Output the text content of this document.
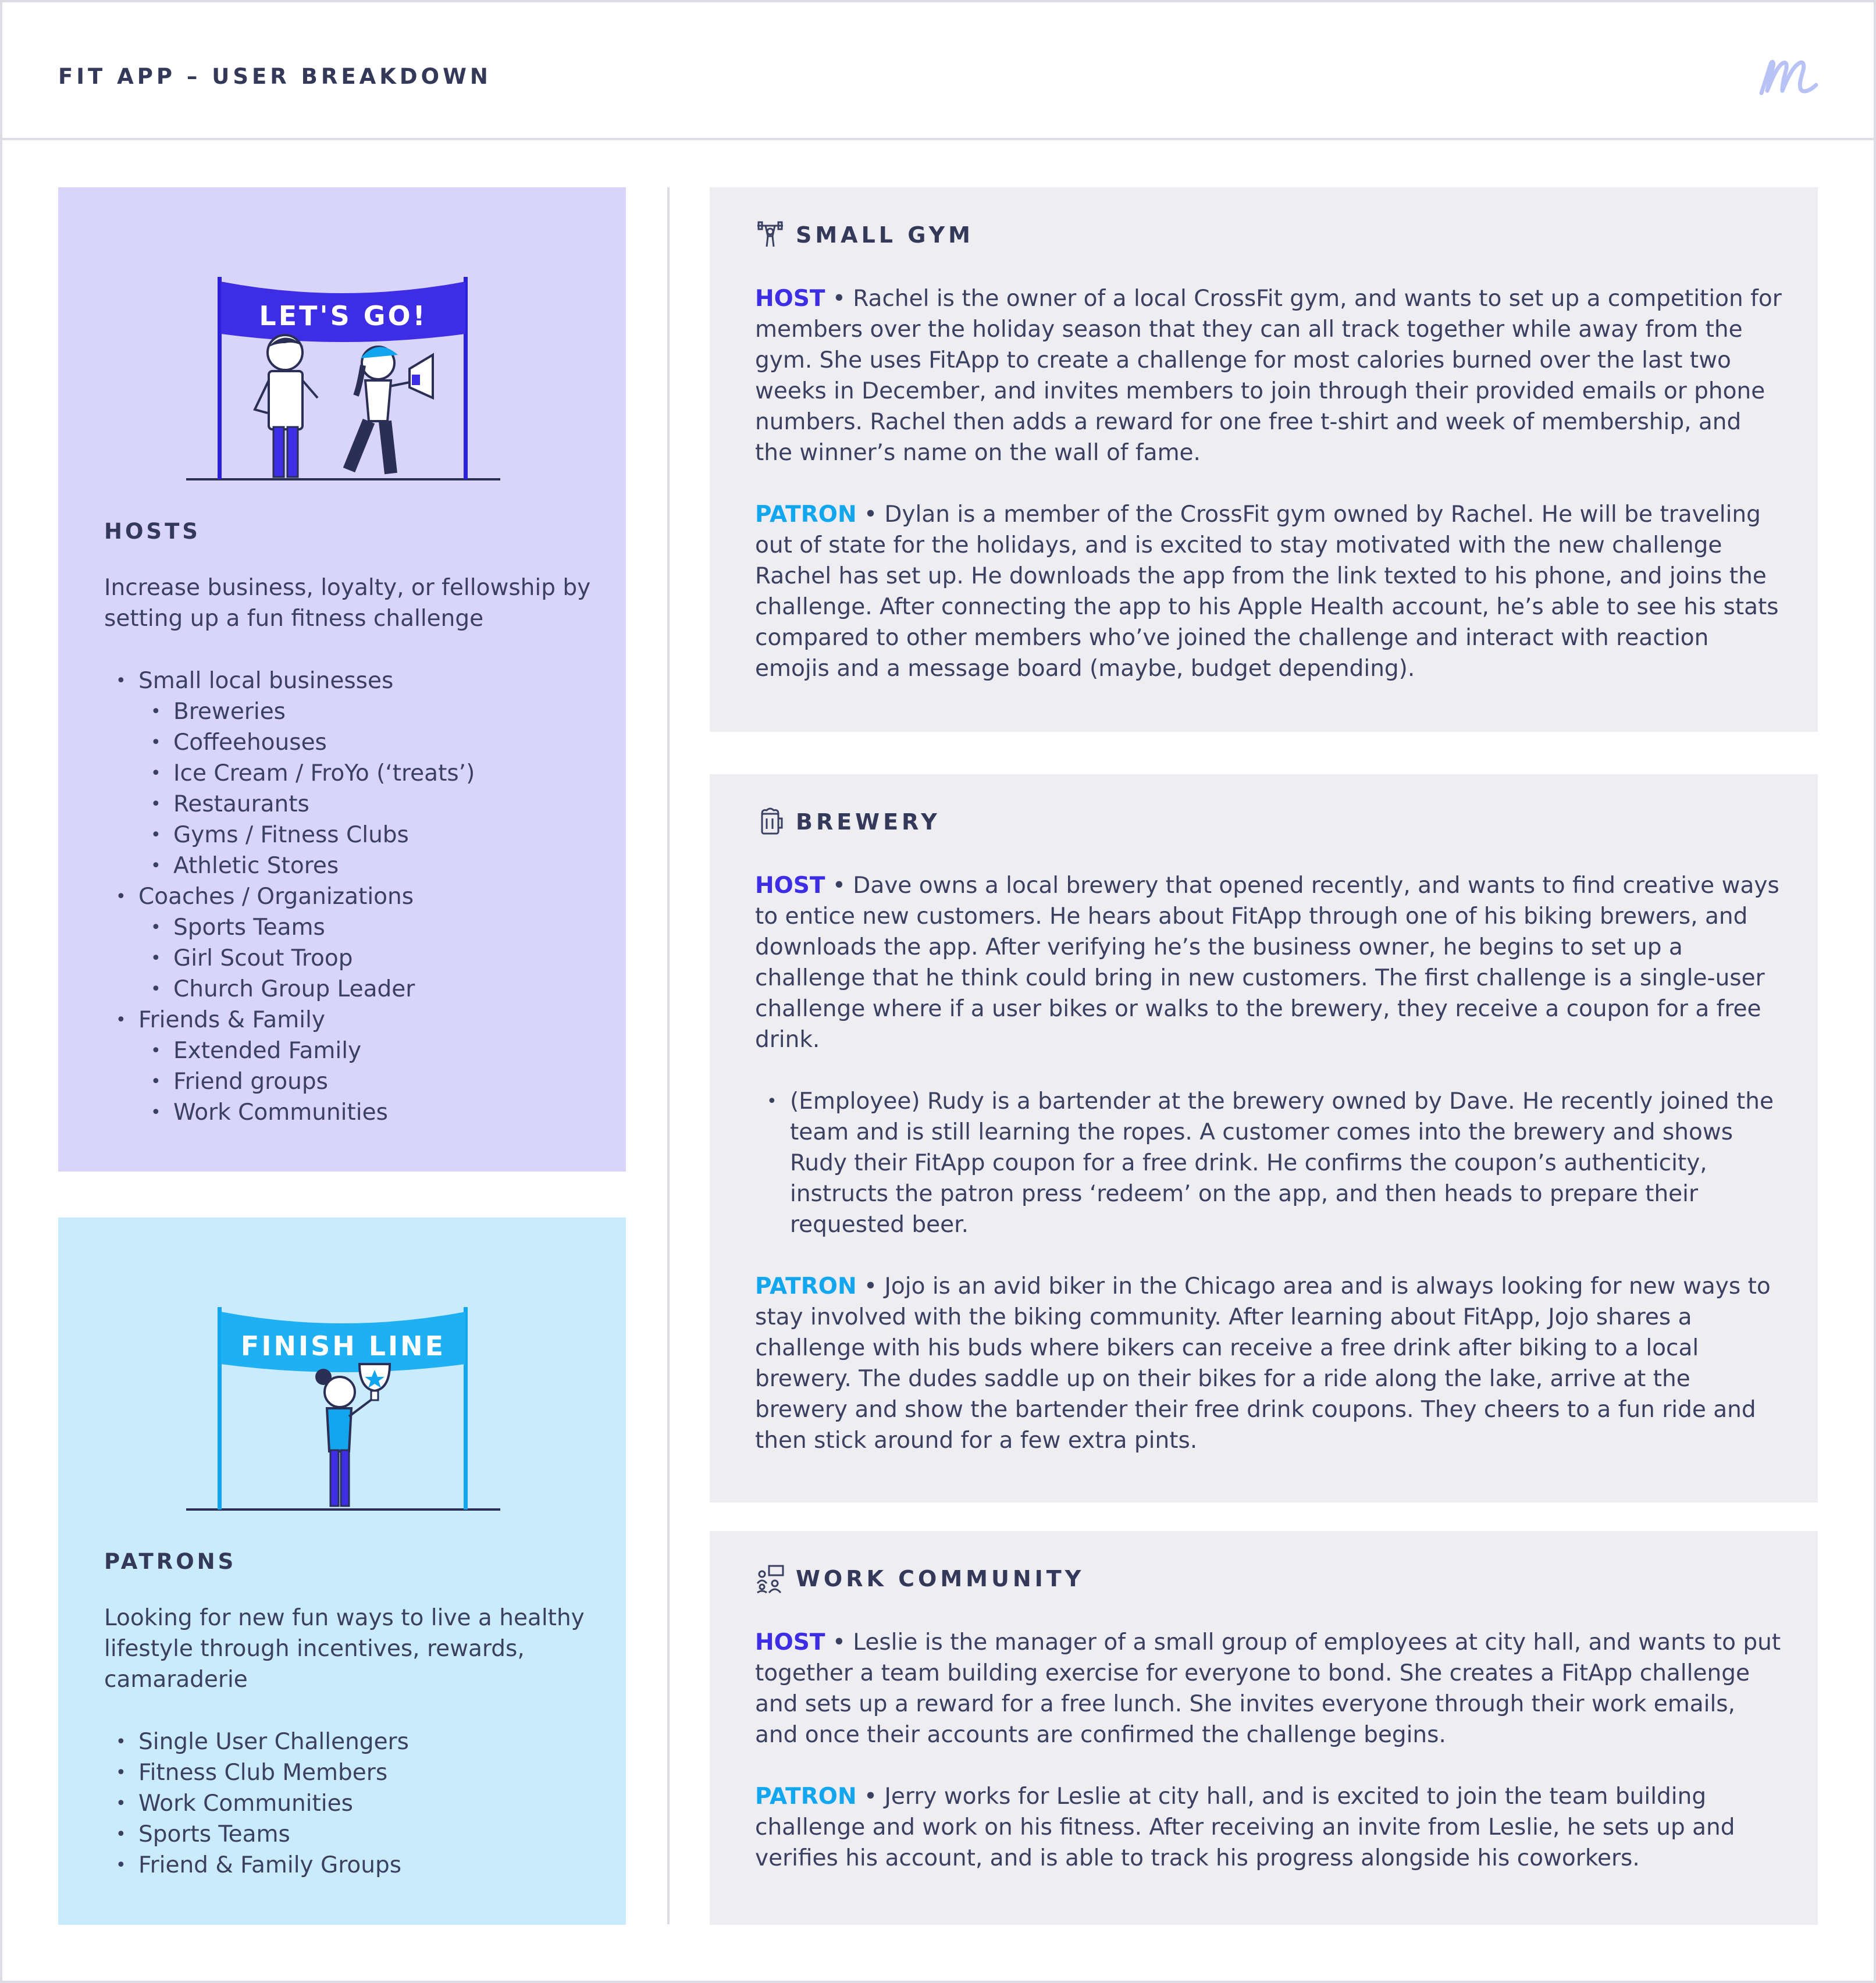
FIT APP – USER BREAKDOWN
LET'S GO!
HOSTS
Increase business, loyalty, or fellowship by setting up a fun fitness challenge
• Small local businesses
• Breweries
• Coffeehouses
• Ice Cream / FroYo (‘treats’)
• Restaurants
• Gyms / Fitness Clubs
• Athletic Stores
• Coaches / Organizations
• Sports Teams
• Girl Scout Troop
• Church Group Leader
• Friends & Family
• Extended Family
• Friend groups
• Work Communities
FINISH LINE
PATRONS
Looking for new fun ways to live a healthy lifestyle through incentives, rewards, camaraderie
• Single User Challengers
• Fitness Club Members
• Work Communities
• Sports Teams
• Friend & Family Groups
SMALL GYM

HOST • Rachel is the owner of a local CrossFit gym, and wants to set up a competition for members over the holiday season that they can all track together while away from the gym. She uses FitApp to create a challenge for most calories burned over the last two weeks in December, and invites members to join through their provided emails or phone numbers. Rachel then adds a reward for one free t-shirt and week of membership, and the winner’s name on the wall of fame.

PATRON • Dylan is a member of the CrossFit gym owned by Rachel. He will be traveling out of state for the holidays, and is excited to stay motivated with the new challenge Rachel has set up. He downloads the app from the link texted to his phone, and joins the challenge. After connecting the app to his Apple Health account, he’s able to see his stats compared to other members who’ve joined the challenge and interact with reaction emojis and a message board (maybe, budget depending).

BREWERY

HOST • Dave owns a local brewery that opened recently, and wants to find creative ways to entice new customers. He hears about FitApp through one of his biking brewers, and downloads the app. After verifying he’s the business owner, he begins to set up a challenge that he think could bring in new customers. The first challenge is a single-user challenge where if a user bikes or walks to the brewery, they receive a coupon for a free drink.

• (Employee) Rudy is a bartender at the brewery owned by Dave. He recently joined the team and is still learning the ropes. A customer comes into the brewery and shows Rudy their FitApp coupon for a free drink. He confirms the coupon’s authenticity, instructs the patron press ‘redeem’ on the app, and then heads to prepare their requested beer.

PATRON • Jojo is an avid biker in the Chicago area and is always looking for new ways to stay involved with the biking community. After learning about FitApp, Jojo shares a challenge with his buds where bikers can receive a free drink after biking to a local brewery. The dudes saddle up on their bikes for a ride along the lake, arrive at the brewery and show the bartender their free drink coupons. They cheers to a fun ride and then stick around for a few extra pints.

WORK COMMUNITY

HOST • Leslie is the manager of a small group of employees at city hall, and wants to put together a team building exercise for everyone to bond. She creates a FitApp challenge and sets up a reward for a free lunch. She invites everyone through their work emails, and once their accounts are confirmed the challenge begins.

PATRON • Jerry works for Leslie at city hall, and is excited to join the team building challenge and work on his fitness. After receiving an invite from Leslie, he sets up and verifies his account, and is able to track his progress alongside his coworkers.
